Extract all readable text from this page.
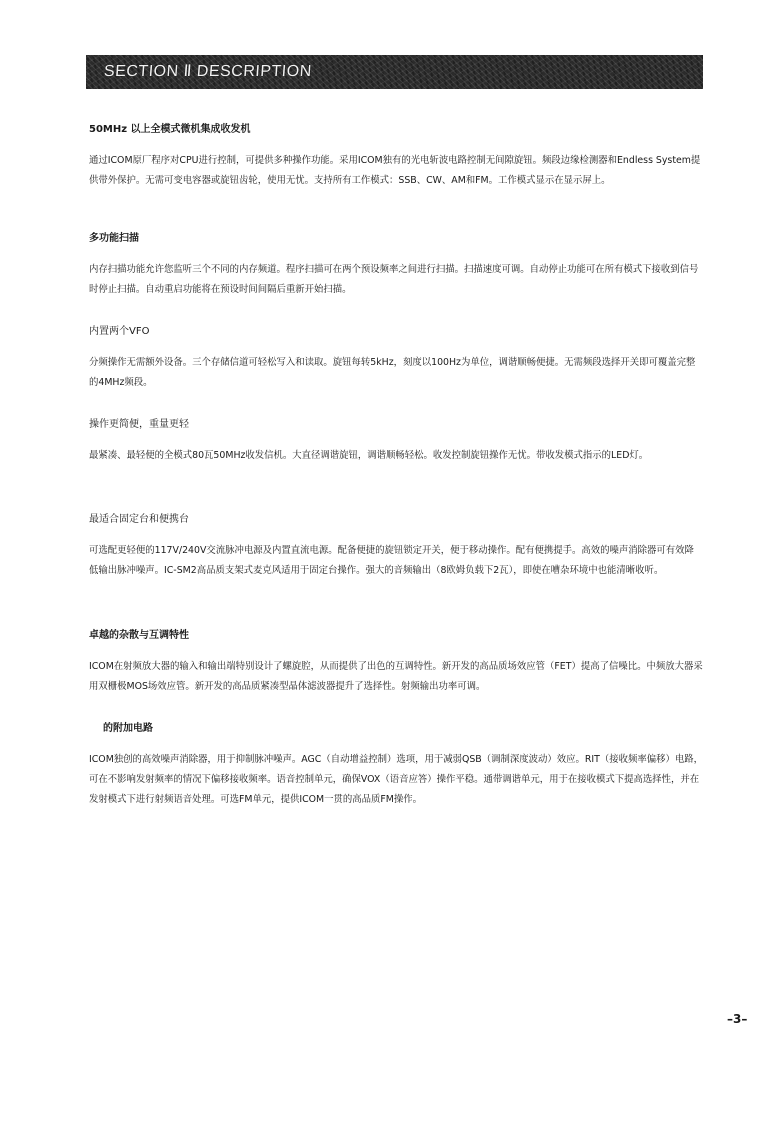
SECTION Ⅱ DESCRIPTION

50MHz 以上全模式微机集成收发机

通过ICOM原厂程序对CPU进行控制，可提供多种操作功能。采用ICOM独有的光电斩波电路控制无间隙旋钮。频段边缘检测器和Endless System提供带外保护。无需可变电容器或旋钮齿轮，使用无忧。支持所有工作模式：SSB、CW、AM和FM。工作模式显示在显示屏上。

多功能扫描

内存扫描功能允许您监听三个不同的内存频道。程序扫描可在两个预设频率之间进行扫描。扫描速度可调。自动停止功能可在所有模式下接收到信号时停止扫描。自动重启功能将在预设时间间隔后重新开始扫描。

内置两个VFO

分频操作无需额外设备。三个存储信道可轻松写入和读取。旋钮每转5kHz，刻度以100Hz为单位，调谐顺畅便捷。无需频段选择开关即可覆盖完整的4MHz频段。

操作更简便，重量更轻

最紧凑、最轻便的全模式80瓦50MHz收发信机。大直径调谐旋钮，调谐顺畅轻松。收发控制旋钮操作无忧。带收发模式指示的LED灯。

最适合固定台和便携台

可选配更轻便的117V/240V交流脉冲电源及内置直流电源。配备便捷的旋钮锁定开关，便于移动操作。配有便携提手。高效的噪声消除器可有效降低输出脉冲噪声。IC-SM2高品质支架式麦克风适用于固定台操作。强大的音频输出（8欧姆负载下2瓦），即使在嘈杂环境中也能清晰收听。

卓越的杂散与互调特性

ICOM在射频放大器的输入和输出端特别设计了螺旋腔，从而提供了出色的互调特性。新开发的高品质场效应管（FET）提高了信噪比。中频放大器采用双栅极MOS场效应管。新开发的高品质紧凑型晶体滤波器提升了选择性。射频输出功率可调。

的附加电路

ICOM独创的高效噪声消除器，用于抑制脉冲噪声。AGC（自动增益控制）选项，用于减弱QSB（调制深度波动）效应。RIT（接收频率偏移）电路，可在不影响发射频率的情况下偏移接收频率。语音控制单元，确保VOX（语音应答）操作平稳。通带调谐单元，用于在接收模式下提高选择性，并在发射模式下进行射频语音处理。可选FM单元，提供ICOM一贯的高品质FM操作。

–3–
